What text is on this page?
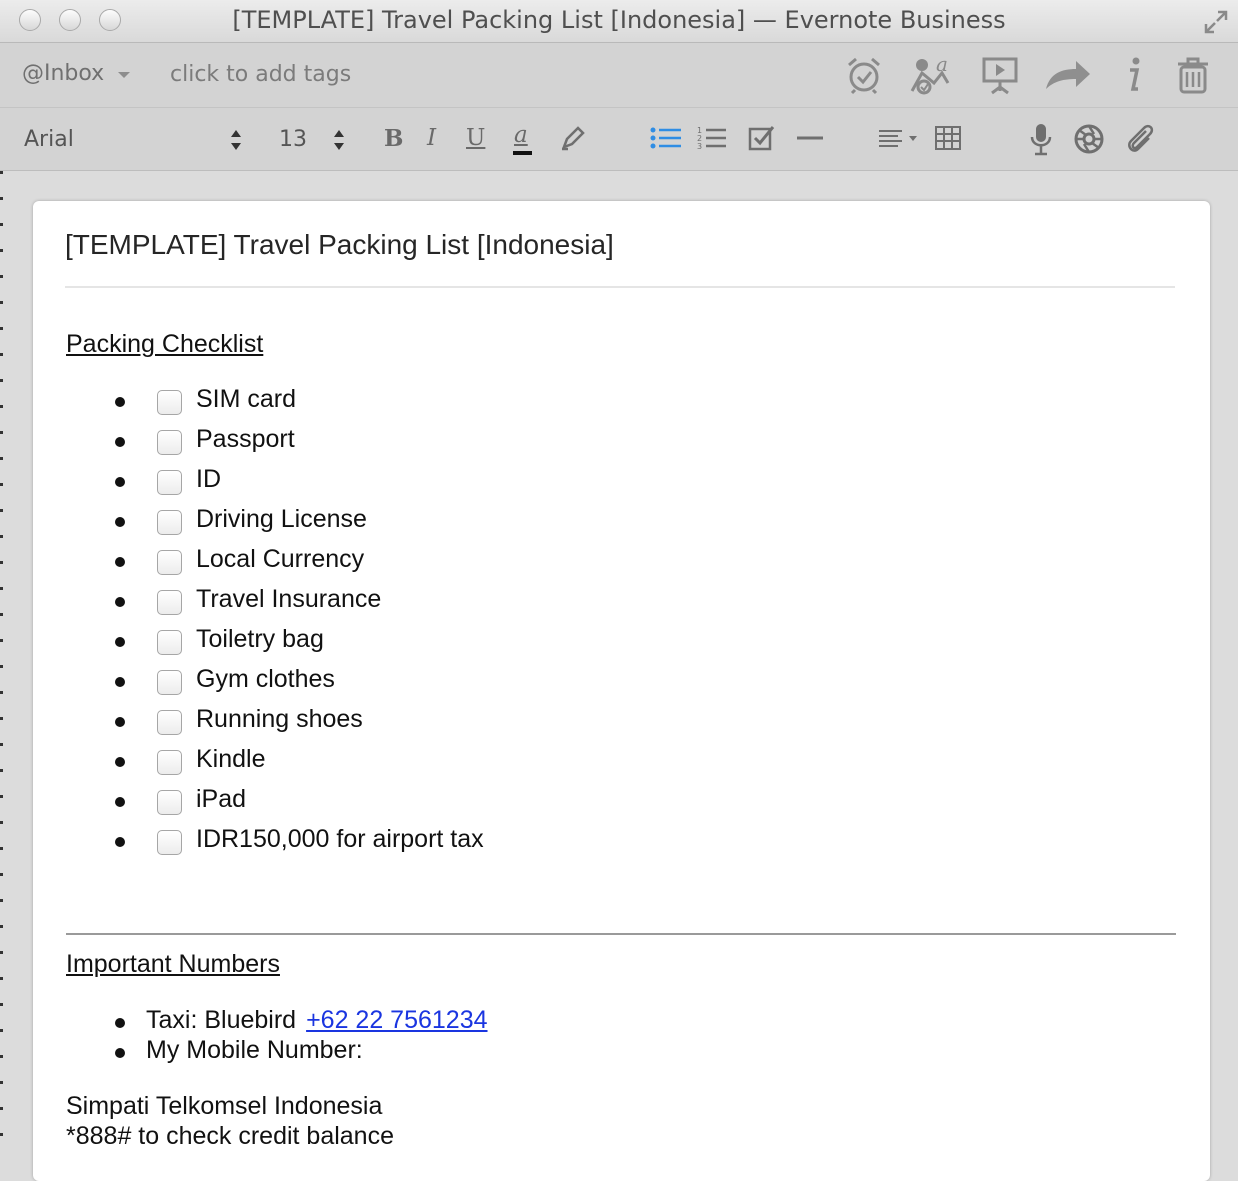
[TEMPLATE] Travel Packing List [Indonesia] — Evernote Business
@Inbox	click to add tags	a
Arial	13	B I U a	1
2
3
[TEMPLATE] Travel Packing List [Indonesia]
Packing Checklist
SIM card
Passport
ID
Driving License
Local Currency
Travel Insurance
Toiletry bag
Gym clothes
Running shoes
Kindle
iPad
IDR150,000 for airport tax
Important Numbers
Taxi: Bluebird +62 22 7561234
My Mobile Number:
Simpati Telkomsel Indonesia
*888# to check credit balance
